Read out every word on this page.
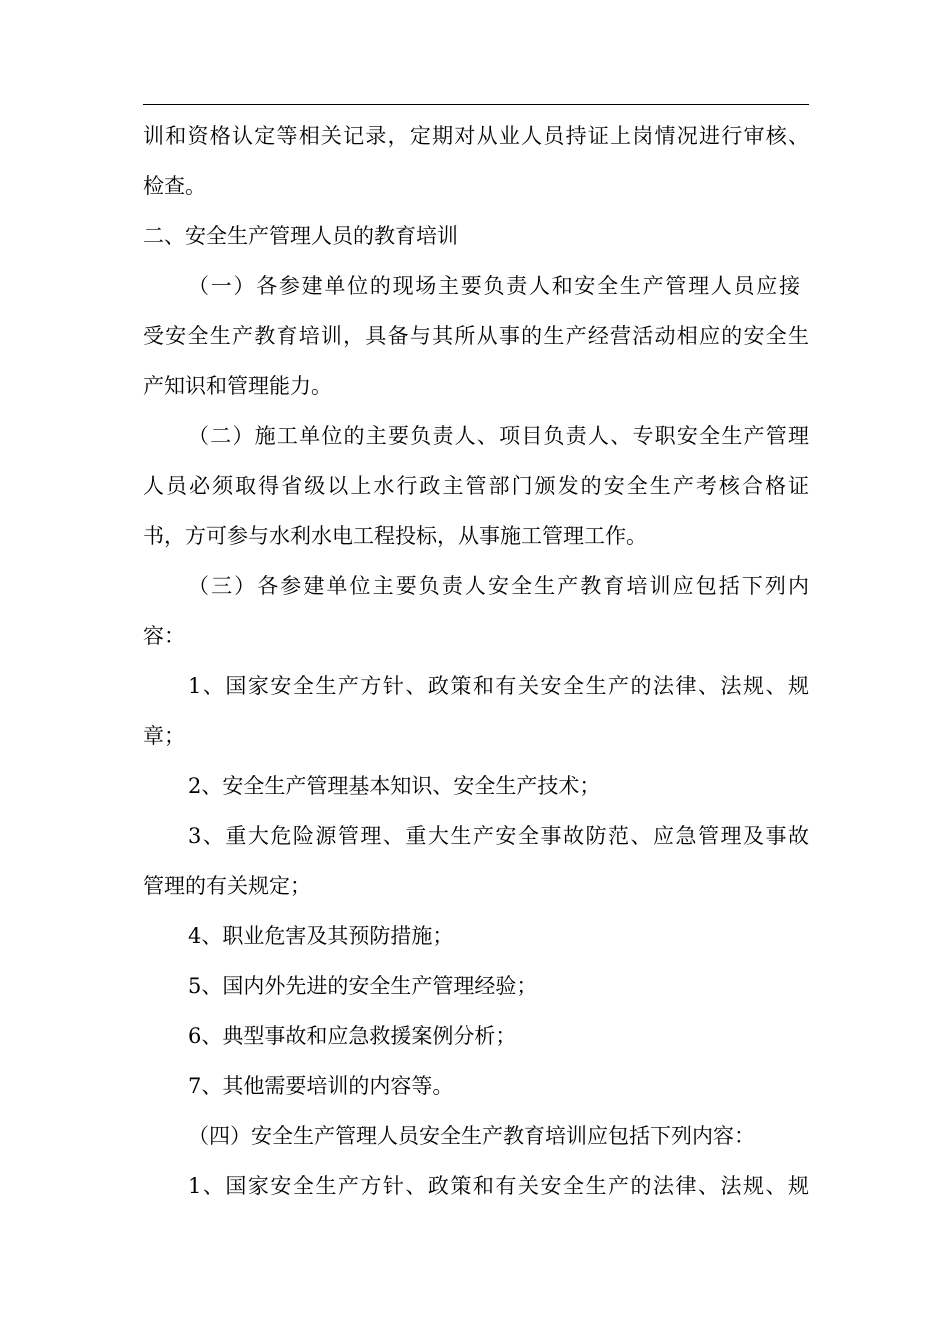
训和资格认定等相关记录，定期对从业人员持证上岗情况进行审核、
检查。
二、安全生产管理人员的教育培训
（一）各参建单位的现场主要负责人和安全生产管理人员应接
受安全生产教育培训，具备与其所从事的生产经营活动相应的安全生
产知识和管理能力。
（二）施工单位的主要负责人、项目负责人、专职安全生产管理
人员必须取得省级以上水行政主管部门颁发的安全生产考核合格证
书，方可参与水利水电工程投标，从事施工管理工作。
（三）各参建单位主要负责人安全生产教育培训应包括下列内
容：
1、国家安全生产方针、政策和有关安全生产的法律、法规、规
章；
2、安全生产管理基本知识、安全生产技术；
3、重大危险源管理、重大生产安全事故防范、应急管理及事故
管理的有关规定；
4、职业危害及其预防措施；
5、国内外先进的安全生产管理经验；
6、典型事故和应急救援案例分析；
7、其他需要培训的内容等。
（四）安全生产管理人员安全生产教育培训应包括下列内容：
1、国家安全生产方针、政策和有关安全生产的法律、法规、规
